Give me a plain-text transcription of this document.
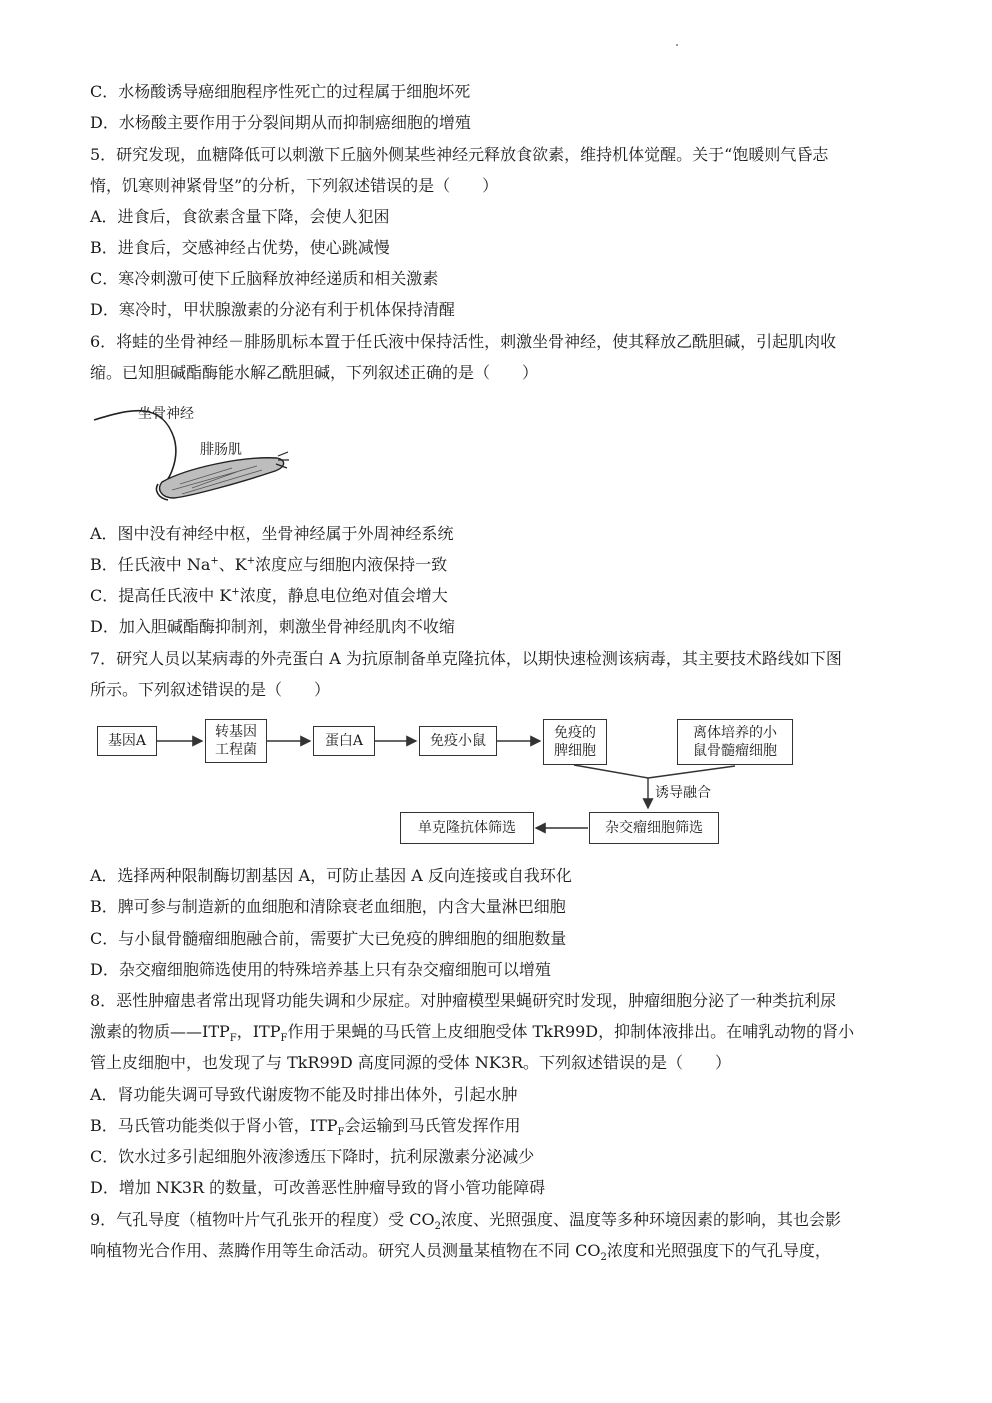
C．水杨酸诱导癌细胞程序性死亡的过程属于细胞坏死
D．水杨酸主要作用于分裂间期从而抑制癌细胞的增殖
5．研究发现，血糖降低可以刺激下丘脑外侧某些神经元释放食欲素，维持机体觉醒。关于“饱暖则气昏志
惰，饥寒则神紧骨坚”的分析，下列叙述错误的是（　　）
A．进食后，食欲素含量下降，会使人犯困
B．进食后，交感神经占优势，使心跳减慢
C．寒冷刺激可使下丘脑释放神经递质和相关激素
D．寒冷时，甲状腺激素的分泌有利于机体保持清醒
6．将蛙的坐骨神经－腓肠肌标本置于任氏液中保持活性，刺激坐骨神经，使其释放乙酰胆碱，引起肌肉收
缩。已知胆碱酯酶能水解乙酰胆碱，下列叙述正确的是（　　）
坐骨神经
腓肠肌
A．图中没有神经中枢，坐骨神经属于外周神经系统
B．任氏液中 Na+、K+浓度应与细胞内液保持一致
C．提高任氏液中 K+浓度，静息电位绝对值会增大
D．加入胆碱酯酶抑制剂，刺激坐骨神经肌肉不收缩
7．研究人员以某病毒的外壳蛋白 A 为抗原制备单克隆抗体，以期快速检测该病毒，其主要技术路线如下图
所示。下列叙述错误的是（　　）
基因A
转基因
工程菌
蛋白A	免疫小鼠	免疫的
脾细胞
离体培养的小
鼠骨髓瘤细胞
诱导融合
杂交瘤细胞筛选
单克隆抗体筛选
A．选择两种限制酶切割基因 A，可防止基因 A 反向连接或自我环化
B．脾可参与制造新的血细胞和清除衰老血细胞，内含大量淋巴细胞
C．与小鼠骨髓瘤细胞融合前，需要扩大已免疫的脾细胞的细胞数量
D．杂交瘤细胞筛选使用的特殊培养基上只有杂交瘤细胞可以增殖
8．恶性肿瘤患者常出现肾功能失调和少尿症。对肿瘤模型果蝇研究时发现，肿瘤细胞分泌了一种类抗利尿
激素的物质$——ITP_F$，$ITP_F$作用于果蝇的马氏管上皮细胞受体 TkR99D，抑制体液排出。在哺乳动物的肾小
管上皮细胞中，也发现了与 TkR99D 高度同源的受体 NK3R。下列叙述错误的是（　　）
A．肾功能失调可导致代谢废物不能及时排出体外，引起水肿
B．马氏管功能类似于肾小管，$ITP_F$会运输到马氏管发挥作用
C．饮水过多引起细胞外液渗透压下降时，抗利尿激素分泌减少
D．增加 NK3R 的数量，可改善恶性肿瘤导致的肾小管功能障碍
9．气孔导度（植物叶片气孔张开的程度）受 $CO_2$浓度、光照强度、温度等多种环境因素的影响，其也会影
响植物光合作用、蒸腾作用等生命活动。研究人员测量某植物在不同 $CO_2$浓度和光照强度下的气孔导度，
